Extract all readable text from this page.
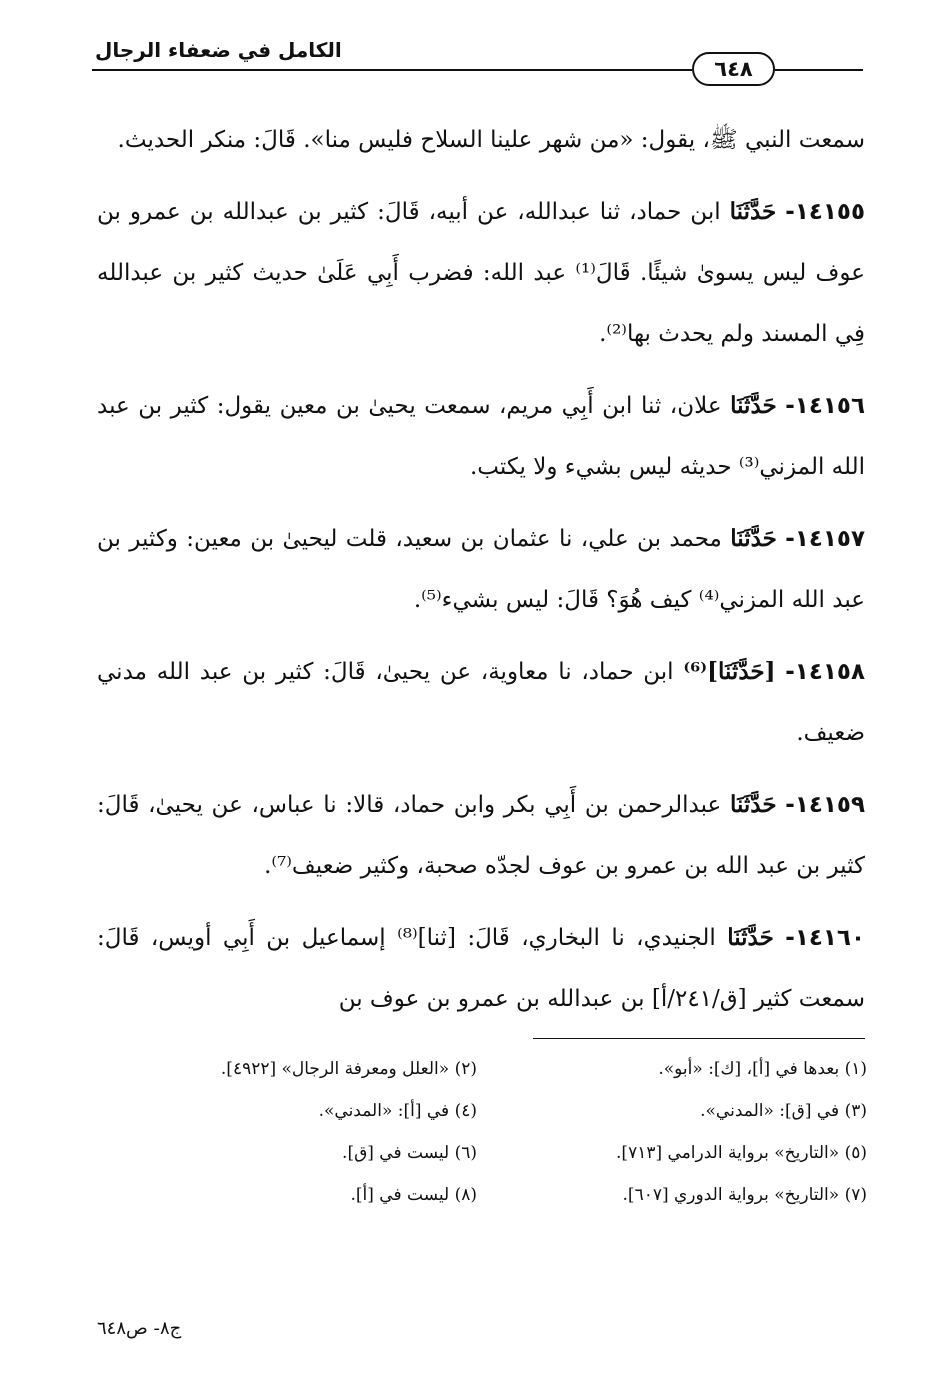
الكامل في ضعفاء الرجال
٦٤٨

سمعت النبي ﷺ، يقول: «من شهر علينا السلاح فليس منا». قَالَ: منكر الحديث.

١٤١٥٥- حَدَّثَنَا ابن حماد، ثنا عبدالله، عن أبيه، قَالَ: كثير بن عبدالله بن عمرو بن عوف ليس يسوىٰ شيئًا. قَالَ⁽¹⁾ عبد الله: فضرب أَبِي عَلَىٰ حديث كثير بن عبدالله فِي المسند ولم يحدث بها⁽²⁾.

١٤١٥٦- حَدَّثَنَا علان، ثنا ابن أَبِي مريم، سمعت يحيىٰ بن معين يقول: كثير بن عبد الله المزني⁽³⁾ حديثه ليس بشيء ولا يكتب.

١٤١٥٧- حَدَّثَنَا محمد بن علي، نا عثمان بن سعيد، قلت ليحيىٰ بن معين: وكثير بن عبد الله المزني⁽⁴⁾ كيف هُوَ؟ قَالَ: ليس بشيء⁽⁵⁾.

١٤١٥٨- [حَدَّثَنَا]⁽⁶⁾ ابن حماد، نا معاوية، عن يحيىٰ، قَالَ: كثير بن عبد الله مدني ضعيف.

١٤١٥٩- حَدَّثَنَا عبدالرحمن بن أَبِي بكر وابن حماد، قالا: نا عباس، عن يحيىٰ، قَالَ: كثير بن عبد الله بن عمرو بن عوف لجدّه صحبة، وكثير ضعيف⁽⁷⁾.

١٤١٦٠- حَدَّثَنَا الجنيدي، نا البخاري، قَالَ: [ثنا]⁽⁸⁾ إسماعيل بن أَبِي أويس، قَالَ: سمعت كثير [ق/٢٤١/أ] بن عبدالله بن عمرو بن عوف بن

(١) بعدها في [أ]، [ك]: «أبو».
(٢) «العلل ومعرفة الرجال» [٤٩٢٢].
(٣) في [ق]: «المدني».
(٤) في [أ]: «المدني».
(٥) «التاريخ» برواية الدرامي [٧١٣].
(٦) ليست في [ق].
(٧) «التاريخ» برواية الدوري [٦٠٧].
(٨) ليست في [أ].
ج٨- ص٦٤٨
